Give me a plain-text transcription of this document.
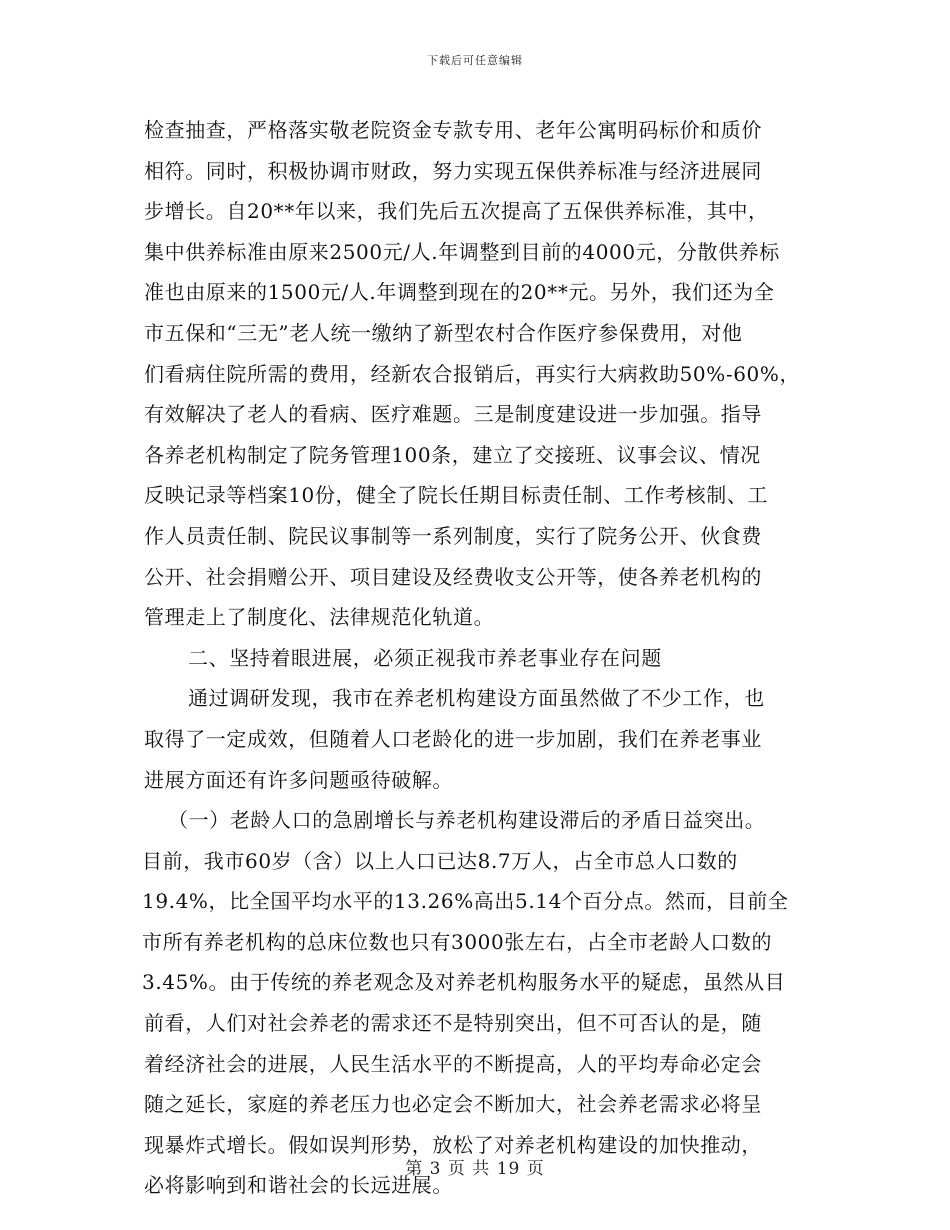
下载后可任意编辑
检查抽查，严格落实敬老院资金专款专用、老年公寓明码标价和质价
相符。同时，积极协调市财政，努力实现五保供养标准与经济进展同
步增长。自20**年以来，我们先后五次提高了五保供养标准，其中，
集中供养标准由原来2500元/人.年调整到目前的4000元，分散供养标
准也由原来的1500元/人.年调整到现在的20**元。另外，我们还为全
市五保和“三无”老人统一缴纳了新型农村合作医疗参保费用，对他
们看病住院所需的费用，经新农合报销后，再实行大病救助50%-60%，
有效解决了老人的看病、医疗难题。三是制度建设进一步加强。指导
各养老机构制定了院务管理100条，建立了交接班、议事会议、情况
反映记录等档案10份，健全了院长任期目标责任制、工作考核制、工
作人员责任制、院民议事制等一系列制度，实行了院务公开、伙食费
公开、社会捐赠公开、项目建设及经费收支公开等，使各养老机构的
管理走上了制度化、法律规范化轨道。
二、坚持着眼进展，必须正视我市养老事业存在问题
通过调研发现，我市在养老机构建设方面虽然做了不少工作，也
取得了一定成效，但随着人口老龄化的进一步加剧，我们在养老事业
进展方面还有许多问题亟待破解。
（一）老龄人口的急剧增长与养老机构建设滞后的矛盾日益突出。
目前，我市60岁（含）以上人口已达8.7万人，占全市总人口数的
19.4%，比全国平均水平的13.26%高出5.14个百分点。然而，目前全
市所有养老机构的总床位数也只有3000张左右，占全市老龄人口数的
3.45%。由于传统的养老观念及对养老机构服务水平的疑虑，虽然从目
前看，人们对社会养老的需求还不是特别突出，但不可否认的是，随
着经济社会的进展，人民生活水平的不断提高，人的平均寿命必定会
随之延长，家庭的养老压力也必定会不断加大，社会养老需求必将呈
现暴炸式增长。假如误判形势，放松了对养老机构建设的加快推动，
必将影响到和谐社会的长远进展。
第 3 页 共 19 页
